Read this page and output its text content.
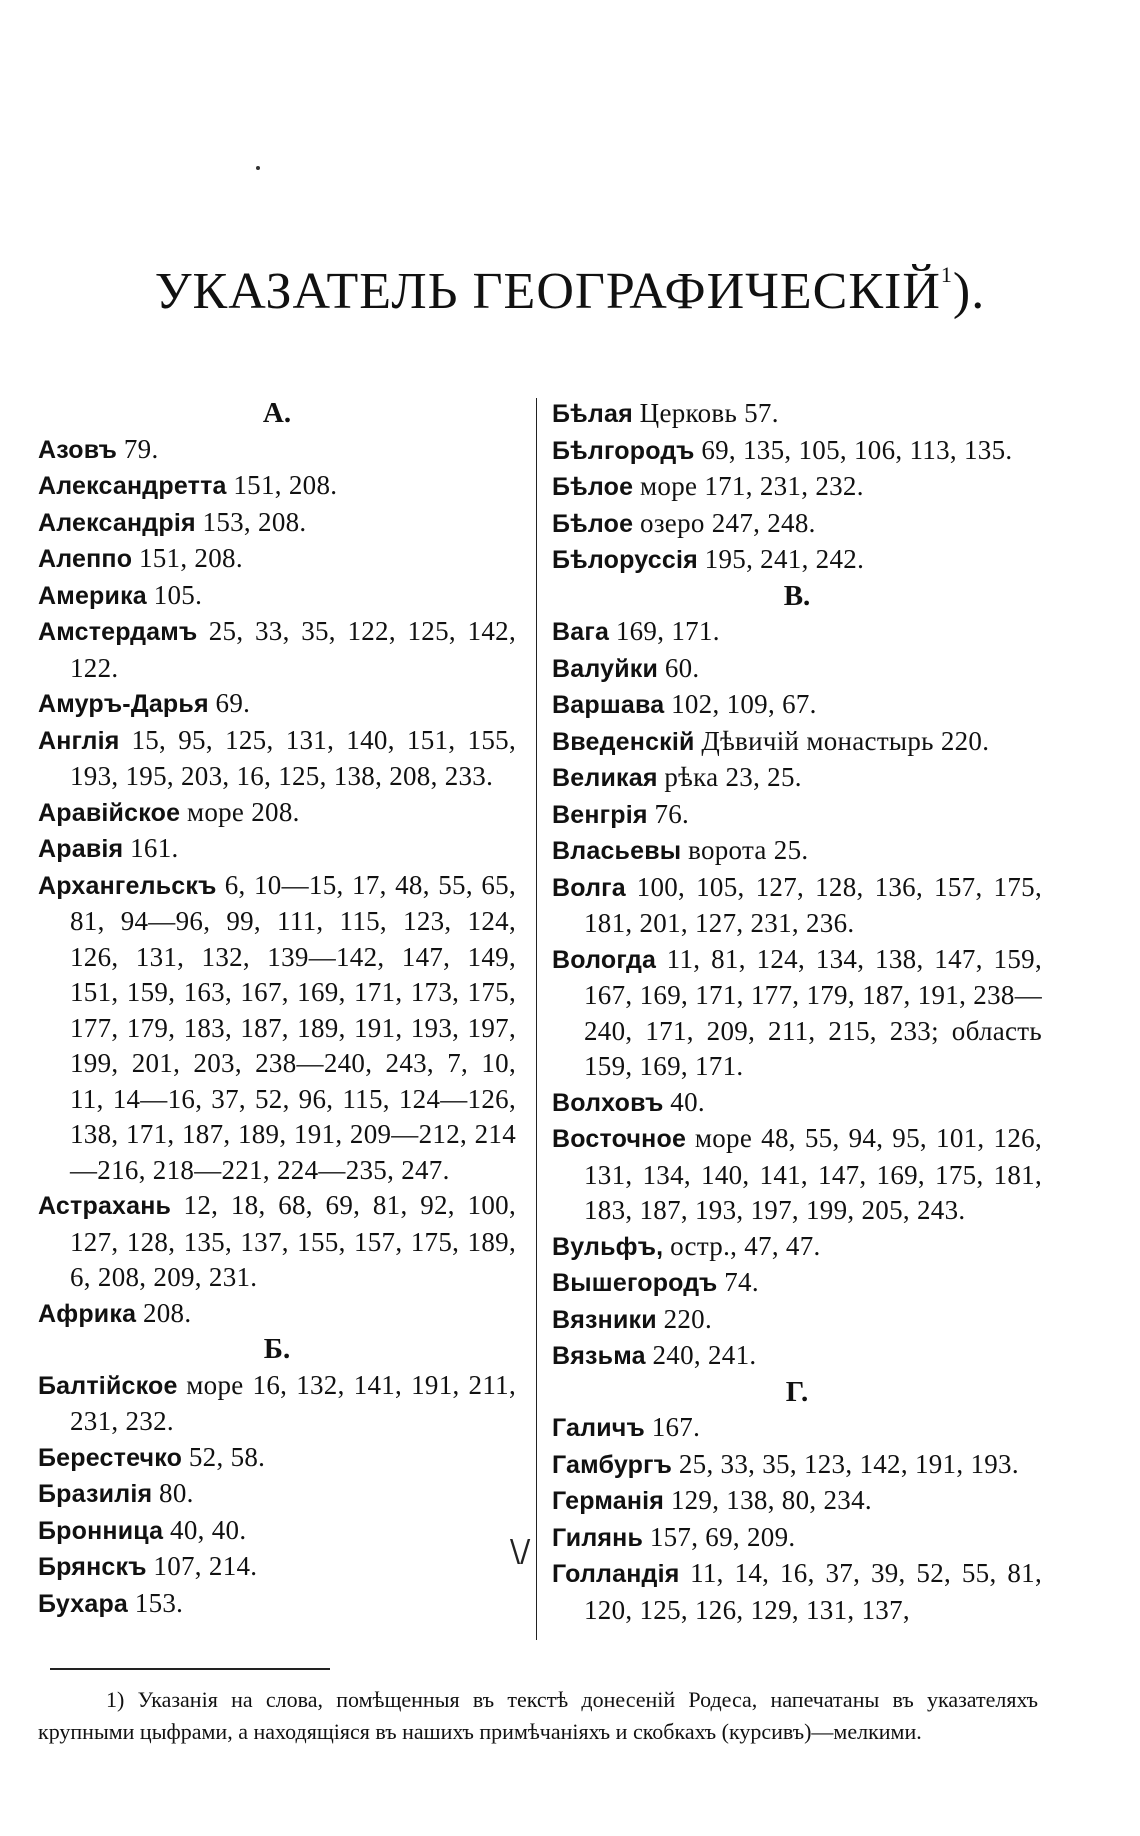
УКАЗАТЕЛЬ ГЕОГРАФИЧЕСКІЙ$^1$).
А.
Азовъ 79.
Александретта 151, 208.
Александрія 153, 208.
Алеппо 151, 208.
Америка 105.
Амстердамъ 25, 33, 35, 122, 125, 142, 122.
Амуръ-Дарья 69.
Англія 15, 95, 125, 131, 140, 151, 155, 193, 195, 203, 16, 125, 138, 208, 233.
Аравійское море 208.
Аравія 161.
Архангельскъ 6, 10—15, 17, 48, 55, 65, 81, 94—96, 99, 111, 115, 123, 124, 126, 131, 132, 139—142, 147, 149, 151, 159, 163, 167, 169, 171, 173, 175, 177, 179, 183, 187, 189, 191, 193, 197, 199, 201, 203, 238—240, 243, 7, 10, 11, 14—16, 37, 52, 96, 115, 124—126, 138, 171, 187, 189, 191, 209—212, 214—216, 218—221, 224—235, 247.
Астрахань 12, 18, 68, 69, 81, 92, 100, 127, 128, 135, 137, 155, 157, 175, 189, 6, 208, 209, 231.
Африка 208.
Б.
Балтійское море 16, 132, 141, 191, 211, 231, 232.
Берестечко 52, 58.
Бразилія 80.
Бронница 40, 40.
Брянскъ 107, 214.
Бухара 153.
Бѣлая Церковь 57.
Бѣлгородъ 69, 135, 105, 106, 113, 135.
Бѣлое море 171, 231, 232.
Бѣлое озеро 247, 248.
Бѣлоруссія 195, 241, 242.
В.
Вага 169, 171.
Валуйки 60.
Варшава 102, 109, 67.
Введенскій Дѣвичій монастырь 220.
Великая рѣка 23, 25.
Венгрія 76.
Власьевы ворота 25.
Волга 100, 105, 127, 128, 136, 157, 175, 181, 201, 127, 231, 236.
Вологда 11, 81, 124, 134, 138, 147, 159, 167, 169, 171, 177, 179, 187, 191, 238—240, 171, 209, 211, 215, 233; область 159, 169, 171.
Волховъ 40.
Восточное море 48, 55, 94, 95, 101, 126, 131, 134, 140, 141, 147, 169, 175, 181, 183, 187, 193, 197, 199, 205, 243.
Вульфъ, остр., 47, 47.
Вышегородъ 74.
Вязники 220.
Вязьма 240, 241.
Г.
Галичъ 167.
Гамбургъ 25, 33, 35, 123, 142, 191, 193.
Германія 129, 138, 80, 234.
Гилянь 157, 69, 209.
Голландія 11, 14, 16, 37, 39, 52, 55, 81, 120, 125, 126, 129, 131, 137,
\/
1) Указанія на слова, помѣщенныя въ текстѣ донесеній Родеса, напечатаны въ указателяхъ крупными цыфрами, а находящіяся въ нашихъ примѣчаніяхъ и скобкахъ (курсивъ)—мелкими.
